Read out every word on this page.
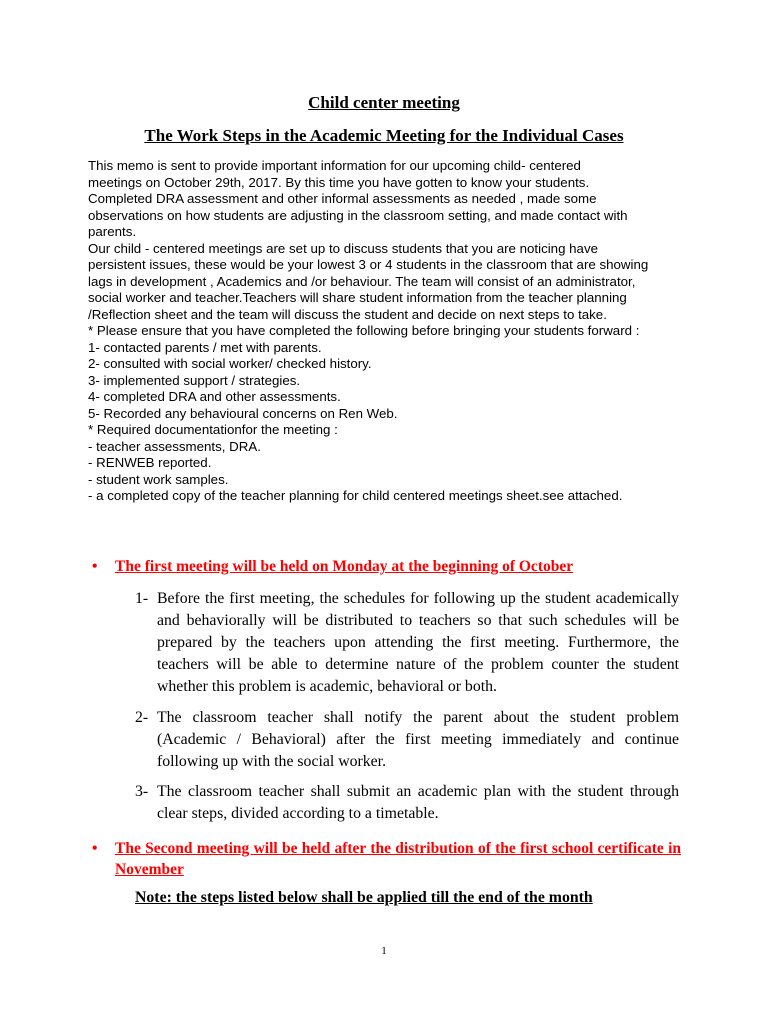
Child center meeting
The Work Steps in the Academic Meeting for the Individual Cases
This memo is sent to provide important information for our upcoming child- centered
meetings on October 29th, 2017. By this time you have gotten to know your students.
Completed DRA assessment and other informal assessments as needed , made some
observations on how students are adjusting in the classroom setting, and made contact with
parents.
Our child - centered meetings are set up to discuss students that you are noticing have
persistent issues, these would be your lowest 3 or 4 students in the classroom that are showing
lags in development , Academics and /or behaviour. The team will consist of an administrator,
social worker and teacher.Teachers will share student information from the teacher planning
/Reflection sheet and the team will discuss the student and decide on next steps to take.
* Please ensure that you have completed the following before bringing your students forward :
1- contacted parents / met with parents.
2- consulted with social worker/ checked history.
3- implemented support / strategies.
4- completed DRA and other assessments.
5- Recorded any behavioural concerns on Ren Web.
* Required documentationfor the meeting :
- teacher assessments, DRA.
- RENWEB reported.
- student work samples.
- a completed copy of the teacher planning for child centered meetings sheet.see attached.
• The first meeting will be held on Monday at the beginning of October
1- Before the first meeting, the schedules for following up the student academically and behaviorally will be distributed to teachers so that such schedules will be prepared by the teachers upon attending the first meeting. Furthermore, the teachers will be able to determine nature of the problem counter the student whether this problem is academic, behavioral or both.
2- The classroom teacher shall notify the parent about the student problem (Academic / Behavioral) after the first meeting immediately and continue following up with the social worker.
3- The classroom teacher shall submit an academic plan with the student through clear steps, divided according to a timetable.
• The Second meeting will be held after the distribution of the first school certificate in November
Note: the steps listed below shall be applied till the end of the month
1
